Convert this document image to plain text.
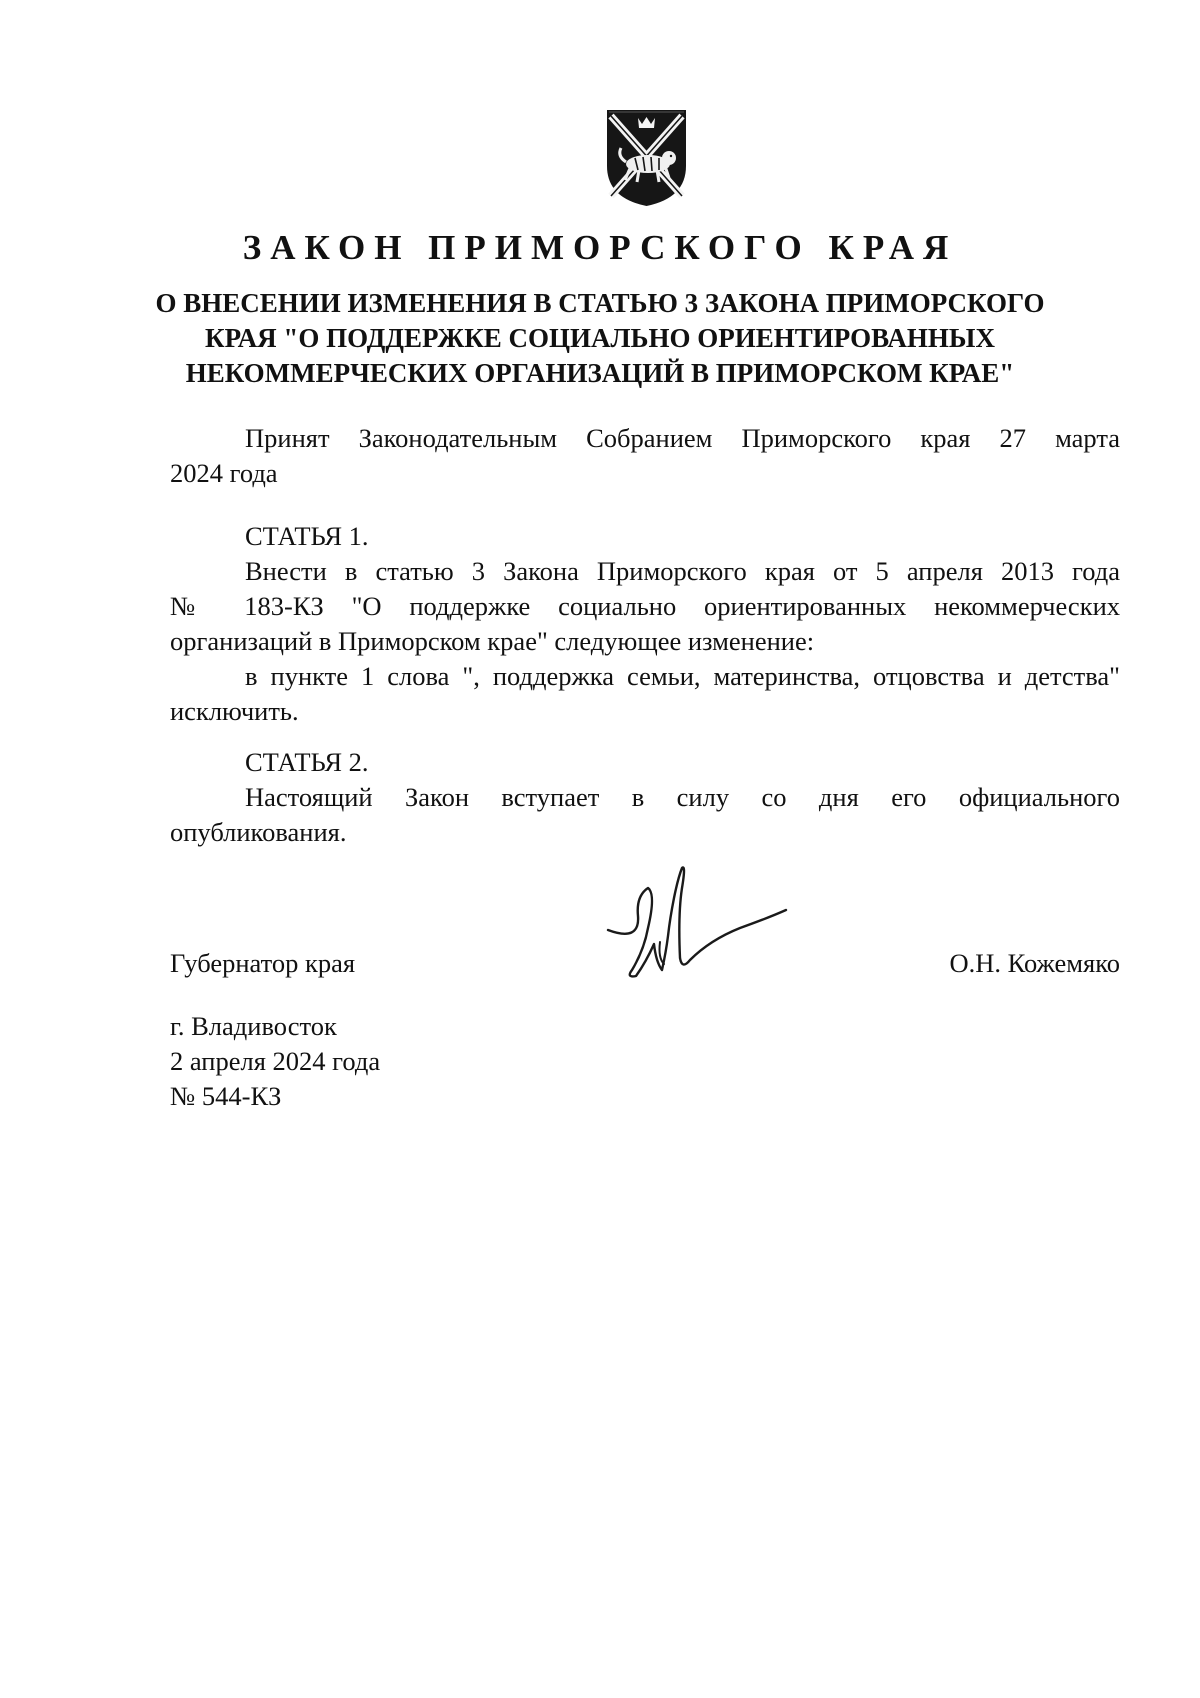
ЗАКОН ПРИМОРСКОГО КРАЯ
О ВНЕСЕНИИ ИЗМЕНЕНИЯ В СТАТЬЮ 3 ЗАКОНА ПРИМОРСКОГО
КРАЯ "О ПОДДЕРЖКЕ СОЦИАЛЬНО ОРИЕНТИРОВАННЫХ
НЕКОММЕРЧЕСКИХ ОРГАНИЗАЦИЙ В ПРИМОРСКОМ КРАЕ"
Принят Законодательным Собранием Приморского края 27 марта
2024 года
СТАТЬЯ 1.
Внести в статью 3 Закона Приморского края от 5 апреля 2013 года
№ 183-КЗ "О поддержке социально ориентированных некоммерческих
организаций в Приморском крае" следующее изменение:
в пункте 1 слова ", поддержка семьи, материнства, отцовства и детства"
исключить.
СТАТЬЯ 2.
Настоящий Закон вступает в силу со дня его официального
опубликования.
Губернатор края	О.Н. Кожемяко
г. Владивосток
2 апреля 2024 года
№ 544-КЗ
